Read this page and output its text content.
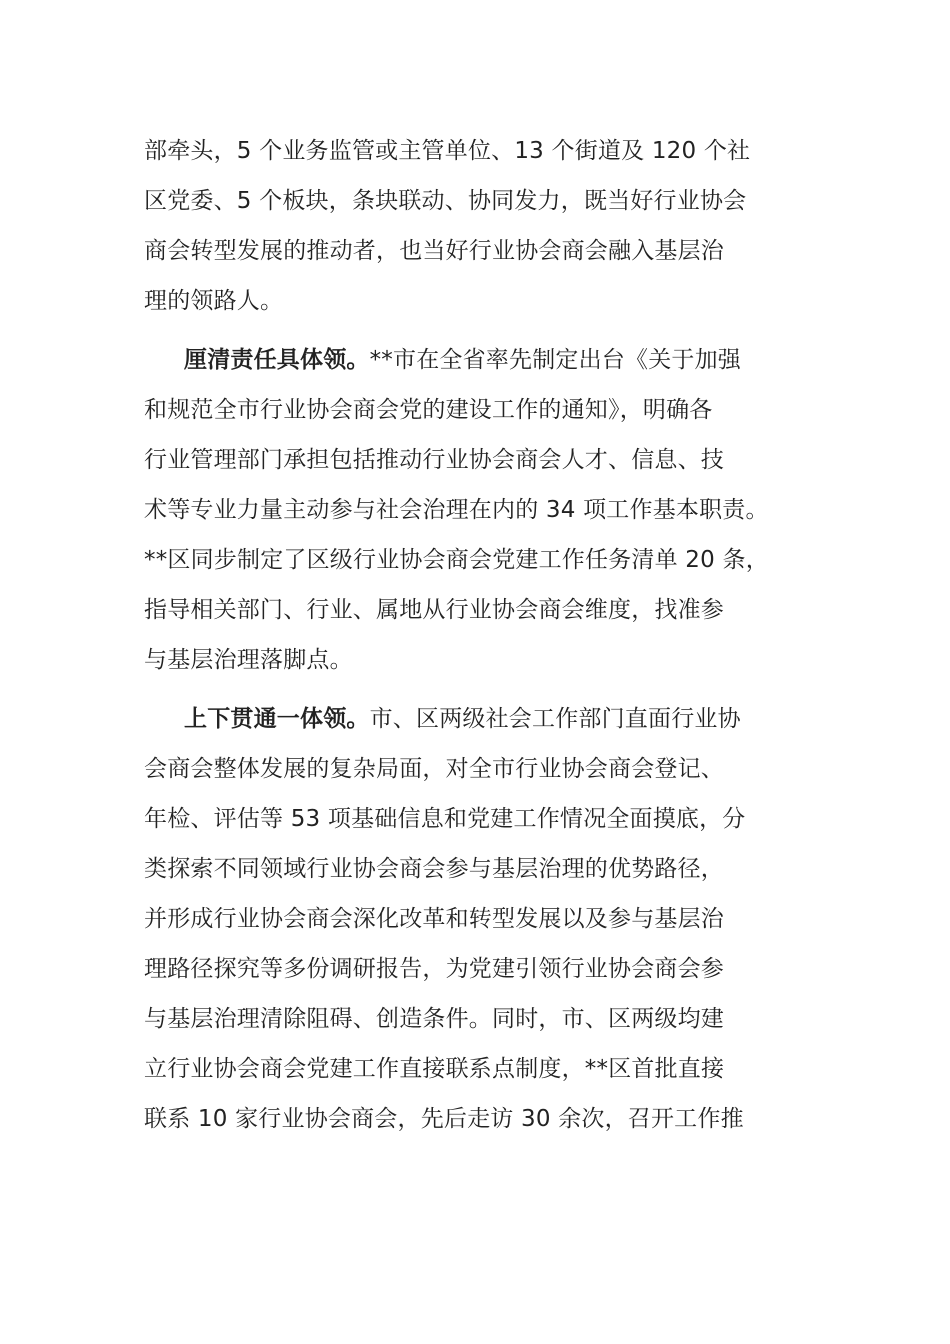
部牵头，5 个业务监管或主管单位、13 个街道及 120 个社
区党委、5 个板块，条块联动、协同发力，既当好行业协会
商会转型发展的推动者，也当好行业协会商会融入基层治
理的领路人。
厘清责任具体领。**市在全省率先制定出台《关于加强
和规范全市行业协会商会党的建设工作的通知》，明确各
行业管理部门承担包括推动行业协会商会人才、信息、技
术等专业力量主动参与社会治理在内的 34 项工作基本职责。
**区同步制定了区级行业协会商会党建工作任务清单 20 条，
指导相关部门、行业、属地从行业协会商会维度，找准参
与基层治理落脚点。
上下贯通一体领。市、区两级社会工作部门直面行业协
会商会整体发展的复杂局面，对全市行业协会商会登记、
年检、评估等 53 项基础信息和党建工作情况全面摸底，分
类探索不同领域行业协会商会参与基层治理的优势路径，
并形成行业协会商会深化改革和转型发展以及参与基层治
理路径探究等多份调研报告，为党建引领行业协会商会参
与基层治理清除阻碍、创造条件。同时，市、区两级均建
立行业协会商会党建工作直接联系点制度，**区首批直接
联系 10 家行业协会商会，先后走访 30 余次，召开工作推
